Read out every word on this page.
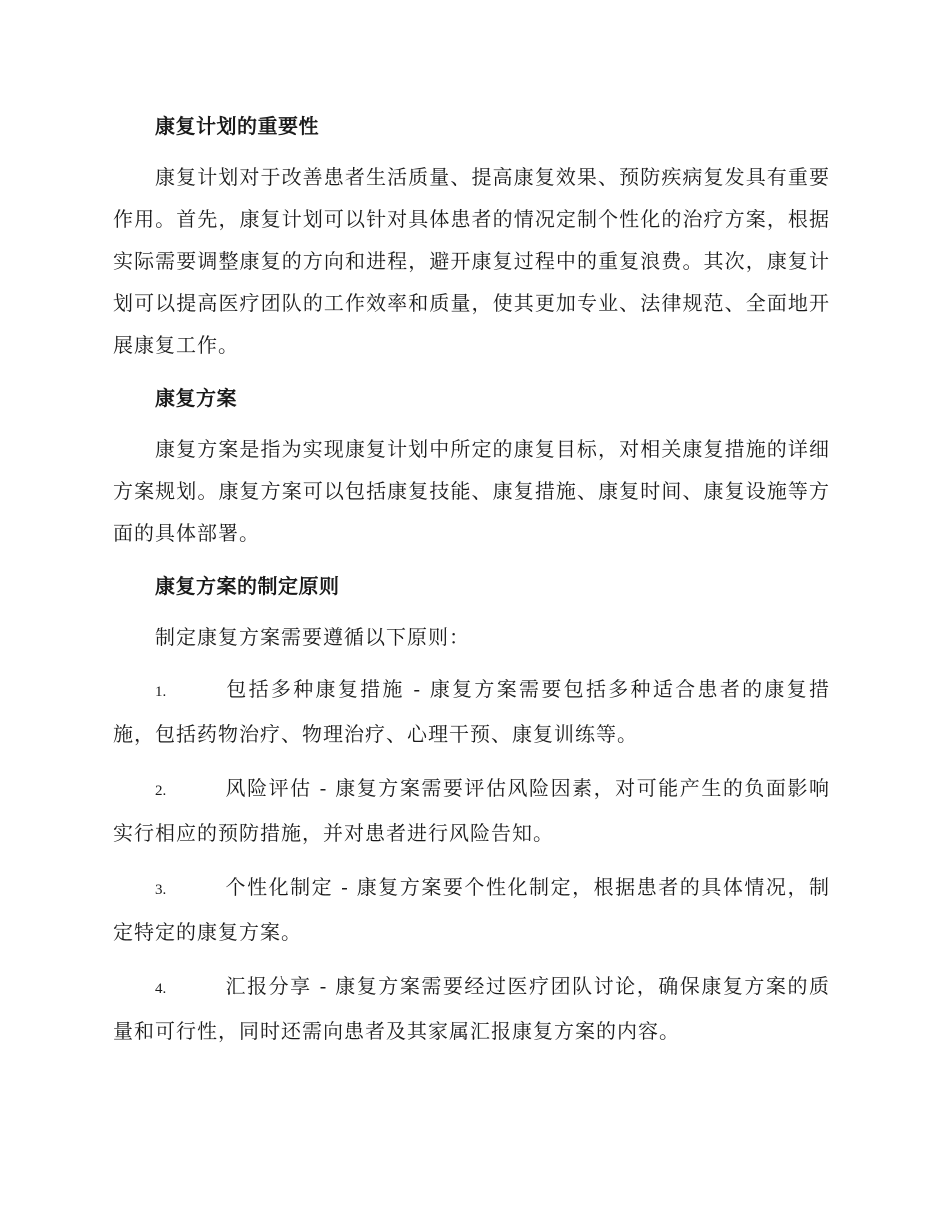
康复计划的重要性

康复计划对于改善患者生活质量、提高康复效果、预防疾病复发具有重要作用。首先，康复计划可以针对具体患者的情况定制个性化的治疗方案，根据实际需要调整康复的方向和进程，避开康复过程中的重复浪费。其次，康复计划可以提高医疗团队的工作效率和质量，使其更加专业、法律规范、全面地开展康复工作。

康复方案

康复方案是指为实现康复计划中所定的康复目标，对相关康复措施的详细方案规划。康复方案可以包括康复技能、康复措施、康复时间、康复设施等方面的具体部署。

康复方案的制定原则

制定康复方案需要遵循以下原则：

1.	包括多种康复措施 - 康复方案需要包括多种适合患者的康复措施，包括药物治疗、物理治疗、心理干预、康复训练等。

2.	风险评估 - 康复方案需要评估风险因素，对可能产生的负面影响实行相应的预防措施，并对患者进行风险告知。

3.	个性化制定 - 康复方案要个性化制定，根据患者的具体情况，制定特定的康复方案。

4.	汇报分享 - 康复方案需要经过医疗团队讨论，确保康复方案的质量和可行性，同时还需向患者及其家属汇报康复方案的内容。
